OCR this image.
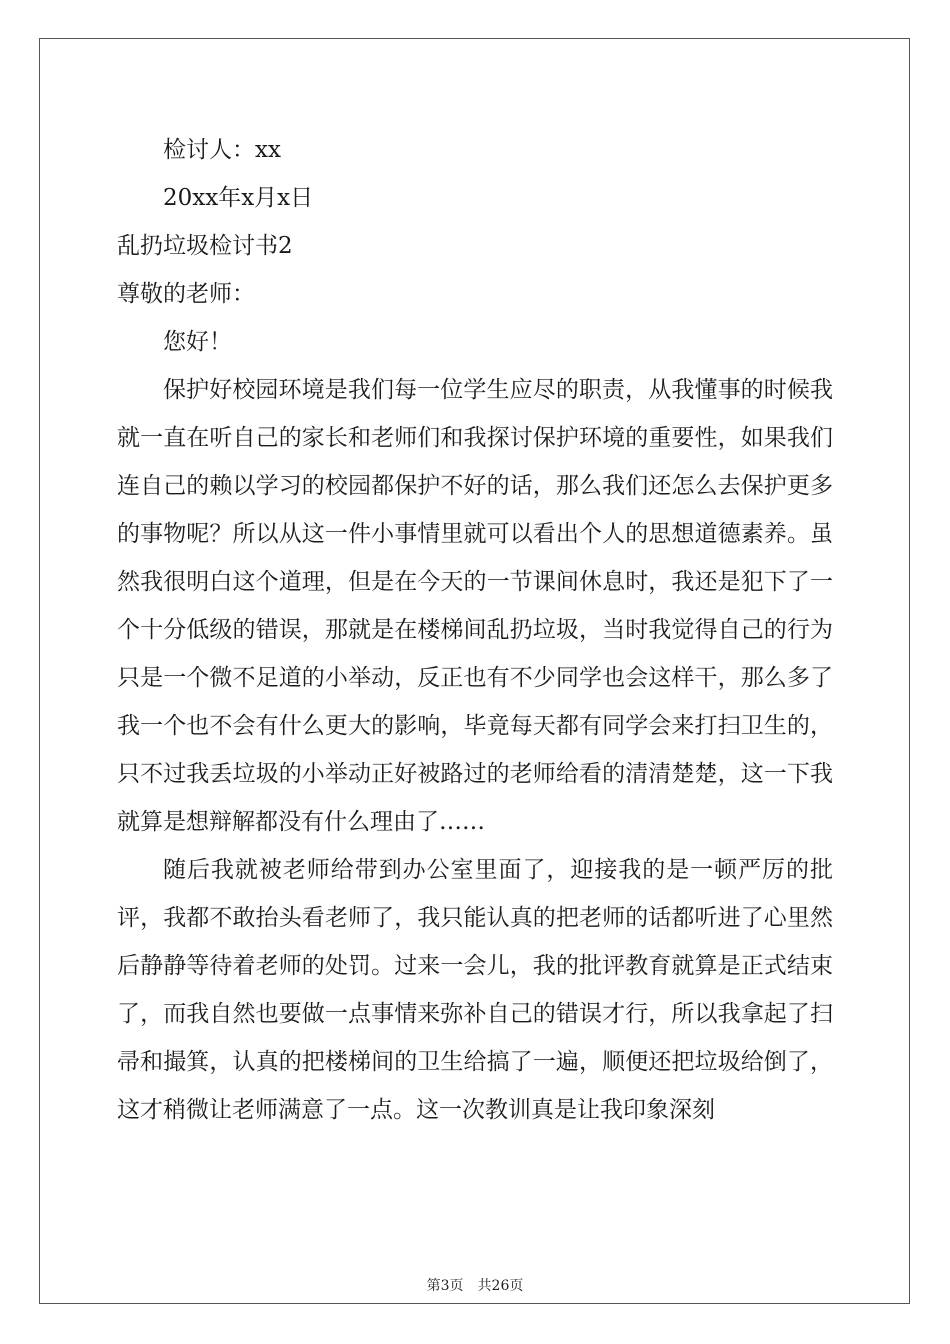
检讨人：xx
20xx年x月x日
乱扔垃圾检讨书2
尊敬的老师：
您好！

保护好校园环境是我们每一位学生应尽的职责，从我懂事的时候我就一直在听自己的家长和老师们和我探讨保护环境的重要性，如果我们连自己的赖以学习的校园都保护不好的话，那么我们还怎么去保护更多的事物呢？所以从这一件小事情里就可以看出个人的思想道德素养。虽然我很明白这个道理，但是在今天的一节课间休息时，我还是犯下了一个十分低级的错误，那就是在楼梯间乱扔垃圾，当时我觉得自己的行为只是一个微不足道的小举动，反正也有不少同学也会这样干，那么多了我一个也不会有什么更大的影响，毕竟每天都有同学会来打扫卫生的，只不过我丢垃圾的小举动正好被路过的老师给看的清清楚楚，这一下我就算是想辩解都没有什么理由了……

随后我就被老师给带到办公室里面了，迎接我的是一顿严厉的批评，我都不敢抬头看老师了，我只能认真的把老师的话都听进了心里然后静静等待着老师的处罚。过来一会儿，我的批评教育就算是正式结束了，而我自然也要做一点事情来弥补自己的错误才行，所以我拿起了扫帚和撮箕，认真的把楼梯间的卫生给搞了一遍，顺便还把垃圾给倒了，这才稍微让老师满意了一点。这一次教训真是让我印象深刻

第3页　共26页
